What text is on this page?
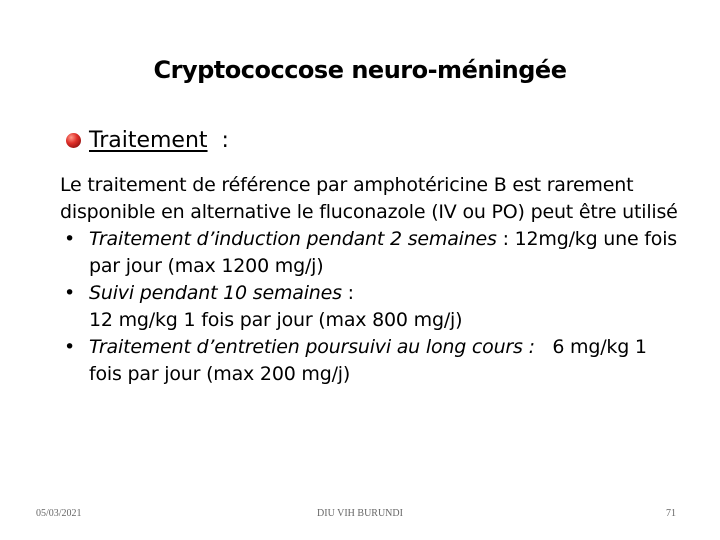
Cryptococcose neuro-méningée
Traitement :

Le traitement de référence par amphotéricine B est rarement disponible en alternative le fluconazole (IV ou PO) peut être utilisé

• Traitement d’induction pendant 2 semaines : 12mg/kg une fois par jour (max 1200 mg/j)
• Suivi pendant 10 semaines :
12 mg/kg 1 fois par jour (max 800 mg/j)
• Traitement d’entretien poursuivi au long cours : 6 mg/kg 1 fois par jour (max 200 mg/j)
05/03/2021	DIU VIH BURUNDI	71
